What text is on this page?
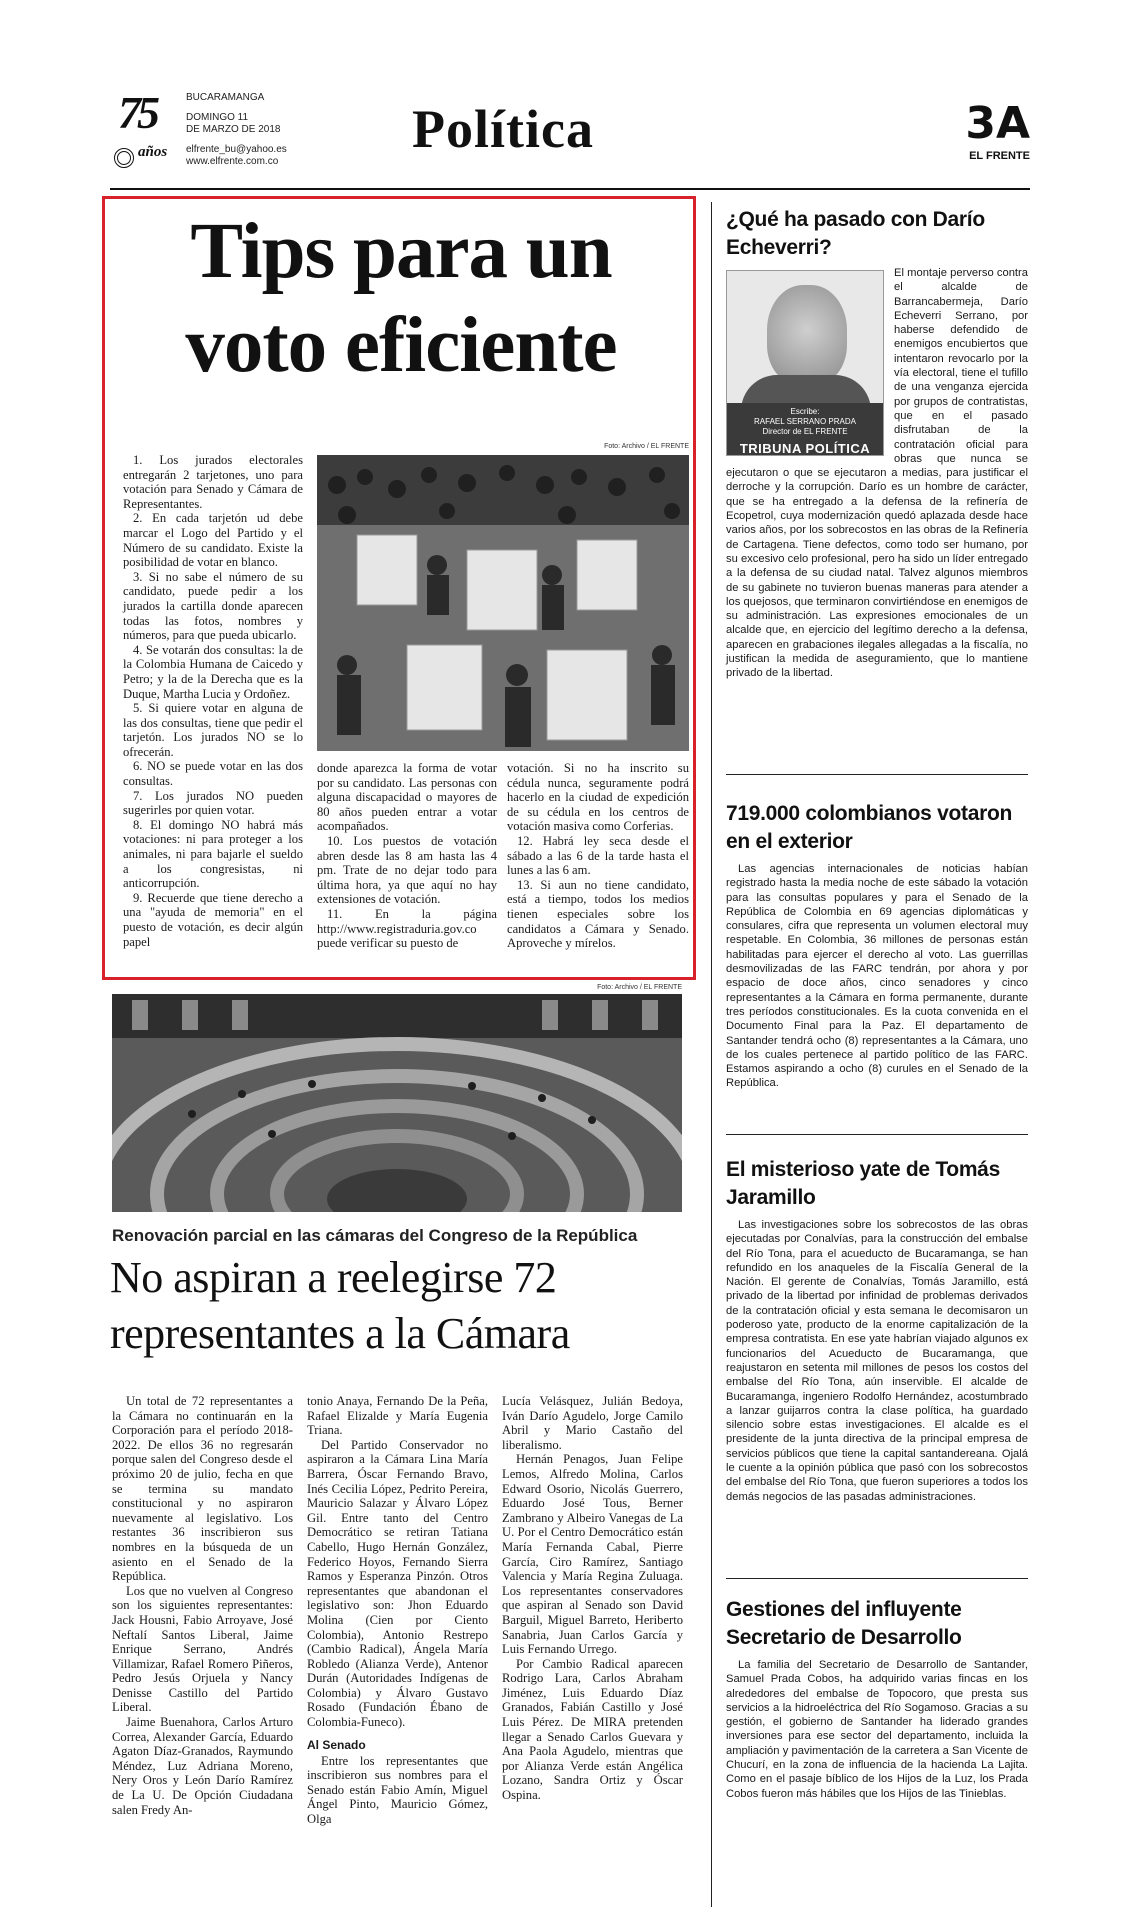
75
años
BUCARAMANGA
DOMINGO 11
DE MARZO DE 2018
elfrente_bu@yahoo.es
www.elfrente.com.co
Política	3A
EL FRENTE
Tips para un voto eficiente

1. Los jurados electorales entregarán 2 tarjetones, uno para votación para Senado y Cámara de Representantes.

2. En cada tarjetón ud debe marcar el Logo del Partido y el Número de su candidato. Existe la posibilidad de votar en blanco.

3. Si no sabe el número de su candidato, puede pedir a los jurados la cartilla donde aparecen todas las fotos, nombres y números, para que pueda ubicarlo.

4. Se votarán dos consultas: la de la Colombia Humana de Caicedo y Petro; y la de la Derecha que es la Duque, Martha Lucia y Ordoñez.

5. Si quiere votar en alguna de las dos consultas, tiene que pedir el tarjetón. Los jurados NO se lo ofrecerán.

6. NO se puede votar en las dos consultas.

7. Los jurados NO pueden sugerirles por quien votar.

8. El domingo NO habrá más votaciones: ni para proteger a los animales, ni para bajarle el sueldo a los congresistas, ni anticorrupción.

9. Recuerde que tiene derecho a una "ayuda de memoria" en el puesto de votación, es decir algún papel

Foto: Archivo / EL FRENTE

donde aparezca la forma de votar por su candidato. Las personas con alguna discapacidad o mayores de 80 años pueden entrar a votar acompañados.

10. Los puestos de votación abren desde las 8 am hasta las 4 pm. Trate de no dejar todo para última hora, ya que aquí no hay extensiones de votación.

11. En la página http://www.registraduria.gov.co puede verificar su puesto de

votación. Si no ha inscrito su cédula nunca, seguramente podrá hacerlo en la ciudad de expedición de su cédula en los centros de votación masiva como Corferias.

12. Habrá ley seca desde el sábado a las 6 de la tarde hasta el lunes a las 6 am.

13. Si aun no tiene candidato, está a tiempo, todos los medios tienen especiales sobre los candidatos a Cámara y Senado. Aproveche y mírelos.

Foto: Archivo / EL FRENTE
Renovación parcial en las cámaras del Congreso de la República
No aspiran a reelegirse 72 representantes a la Cámara

Un total de 72 representantes a la Cámara no continuarán en la Corporación para el período 2018-2022. De ellos 36 no regresarán porque salen del Congreso desde el próximo 20 de julio, fecha en que se termina su mandato constitucional y no aspiraron nuevamente al legislativo. Los restantes 36 inscribieron sus nombres en la búsqueda de un asiento en el Senado de la República.

Los que no vuelven al Congreso son los siguientes representantes: Jack Housni, Fabio Arroyave, José Neftalí Santos Liberal, Jaime Enrique Serrano, Andrés Villamizar, Rafael Romero Piñeros, Pedro Jesús Orjuela y Nancy Denisse Castillo del Partido Liberal.

Jaime Buenahora, Carlos Arturo Correa, Alexander García, Eduardo Agaton Díaz-Granados, Raymundo Méndez, Luz Adriana Moreno, Nery Oros y León Darío Ramírez de La U. De Opción Ciudadana salen Fredy An-

tonio Anaya, Fernando De la Peña, Rafael Elizalde y María Eugenia Triana.

Del Partido Conservador no aspiraron a la Cámara Lina María Barrera, Óscar Fernando Bravo, Inés Cecilia López, Pedrito Pereira, Mauricio Salazar y Álvaro López Gil. Entre tanto del Centro Democrático se retiran Tatiana Cabello, Hugo Hernán González, Federico Hoyos, Fernando Sierra Ramos y Esperanza Pinzón. Otros representantes que abandonan el legislativo son: Jhon Eduardo Molina (Cien por Ciento Colombia), Antonio Restrepo (Cambio Radical), Ángela María Robledo (Alianza Verde), Antenor Durán (Autoridades Indígenas de Colombia) y Álvaro Gustavo Rosado (Fundación Ébano de Colombia-Funeco).

Al Senado

Entre los representantes que inscribieron sus nombres para el Senado están Fabio Amín, Miguel Ángel Pinto, Mauricio Gómez, Olga

Lucía Velásquez, Julián Bedoya, Iván Darío Agudelo, Jorge Camilo Abril y Mario Castaño del liberalismo.

Hernán Penagos, Juan Felipe Lemos, Alfredo Molina, Carlos Edward Osorio, Nicolás Guerrero, Eduardo José Tous, Berner Zambrano y Albeiro Vanegas de La U. Por el Centro Democrático están María Fernanda Cabal, Pierre García, Ciro Ramírez, Santiago Valencia y María Regina Zuluaga. Los representantes conservadores que aspiran al Senado son David Barguil, Miguel Barreto, Heriberto Sanabria, Juan Carlos García y Luis Fernando Urrego.

Por Cambio Radical aparecen Rodrigo Lara, Carlos Abraham Jiménez, Luis Eduardo Díaz Granados, Fabián Castillo y José Luis Pérez. De MIRA pretenden llegar a Senado Carlos Guevara y Ana Paola Agudelo, mientras que por Alianza Verde están Angélica Lozano, Sandra Ortiz y Óscar Ospina.

¿Qué ha pasado con Darío Echeverri?
Escribe:
RAFAEL SERRANO PRADA
Director de EL FRENTE
TRIBUNA POLÍTICA

El montaje perverso contra el alcalde de Barrancabermeja, Darío Echeverri Serrano, por haberse defendido de enemigos encubiertos que intentaron revocarlo por la vía electoral, tiene el tufillo de una venganza ejercida por grupos de contratistas, que en el pasado disfrutaban de la contratación oficial para obras que nunca se ejecutaron o que se ejecutaron a medias, para justificar el derroche y la corrupción. Darío es un hombre de carácter, que se ha entregado a la defensa de la refinería de Ecopetrol, cuya modernización quedó aplazada desde hace varios años, por los sobrecostos en las obras de la Refinería de Cartagena. Tiene defectos, como todo ser humano, por su excesivo celo profesional, pero ha sido un líder entregado a la defensa de su ciudad natal. Talvez algunos miembros de su gabinete no tuvieron buenas maneras para atender a los quejosos, que terminaron convirtiéndose en enemigos de su administración. Las expresiones emocionales de un alcalde que, en ejercicio del legítimo derecho a la defensa, aparecen en grabaciones ilegales allegadas a la fiscalía, no justifican la medida de aseguramiento, que lo mantiene privado de la libertad.

719.000 colombianos votaron en el exterior

Las agencias internacionales de noticias habían registrado hasta la media noche de este sábado la votación para las consultas populares y para el Senado de la República de Colombia en 69 agencias diplomáticas y consulares, cifra que representa un volumen electoral muy respetable. En Colombia, 36 millones de personas están habilitadas para ejercer el derecho al voto. Las guerrillas desmovilizadas de las FARC tendrán, por ahora y por espacio de doce años, cinco senadores y cinco representantes a la Cámara en forma permanente, durante tres períodos constitucionales. Es la cuota convenida en el Documento Final para la Paz. El departamento de Santander tendrá ocho (8) representantes a la Cámara, uno de los cuales pertenece al partido político de las FARC. Estamos aspirando a ocho (8) curules en el Senado de la República.

El misterioso yate de Tomás Jaramillo

Las investigaciones sobre los sobrecostos de las obras ejecutadas por Conalvías, para la construcción del embalse del Río Tona, para el acueducto de Bucaramanga, se han refundido en los anaqueles de la Fiscalía General de la Nación. El gerente de Conalvías, Tomás Jaramillo, está privado de la libertad por infinidad de problemas derivados de la contratación oficial y esta semana le decomisaron un poderoso yate, producto de la enorme capitalización de la empresa contratista. En ese yate habrían viajado algunos ex funcionarios del Acueducto de Bucaramanga, que reajustaron en setenta mil millones de pesos los costos del embalse del Río Tona, aún inservible. El alcalde de Bucaramanga, ingeniero Rodolfo Hernández, acostumbrado a lanzar guijarros contra la clase política, ha guardado silencio sobre estas investigaciones. El alcalde es el presidente de la junta directiva de la principal empresa de servicios públicos que tiene la capital santandereana. Ojalá le cuente a la opinión pública que pasó con los sobrecostos del embalse del Río Tona, que fueron superiores a todos los demás negocios de las pasadas administraciones.

Gestiones del influyente Secretario de Desarrollo

La familia del Secretario de Desarrollo de Santander, Samuel Prada Cobos, ha adquirido varias fincas en los alrededores del embalse de Topocoro, que presta sus servicios a la hidroeléctrica del Río Sogamoso. Gracias a su gestión, el gobierno de Santander ha liderado grandes inversiones para ese sector del departamento, incluida la ampliación y pavimentación de la carretera a San Vicente de Chucurí, en la zona de influencia de la hacienda La Lajita. Como en el pasaje bíblico de los Hijos de la Luz, los Prada Cobos fueron más hábiles que los Hijos de las Tinieblas.
